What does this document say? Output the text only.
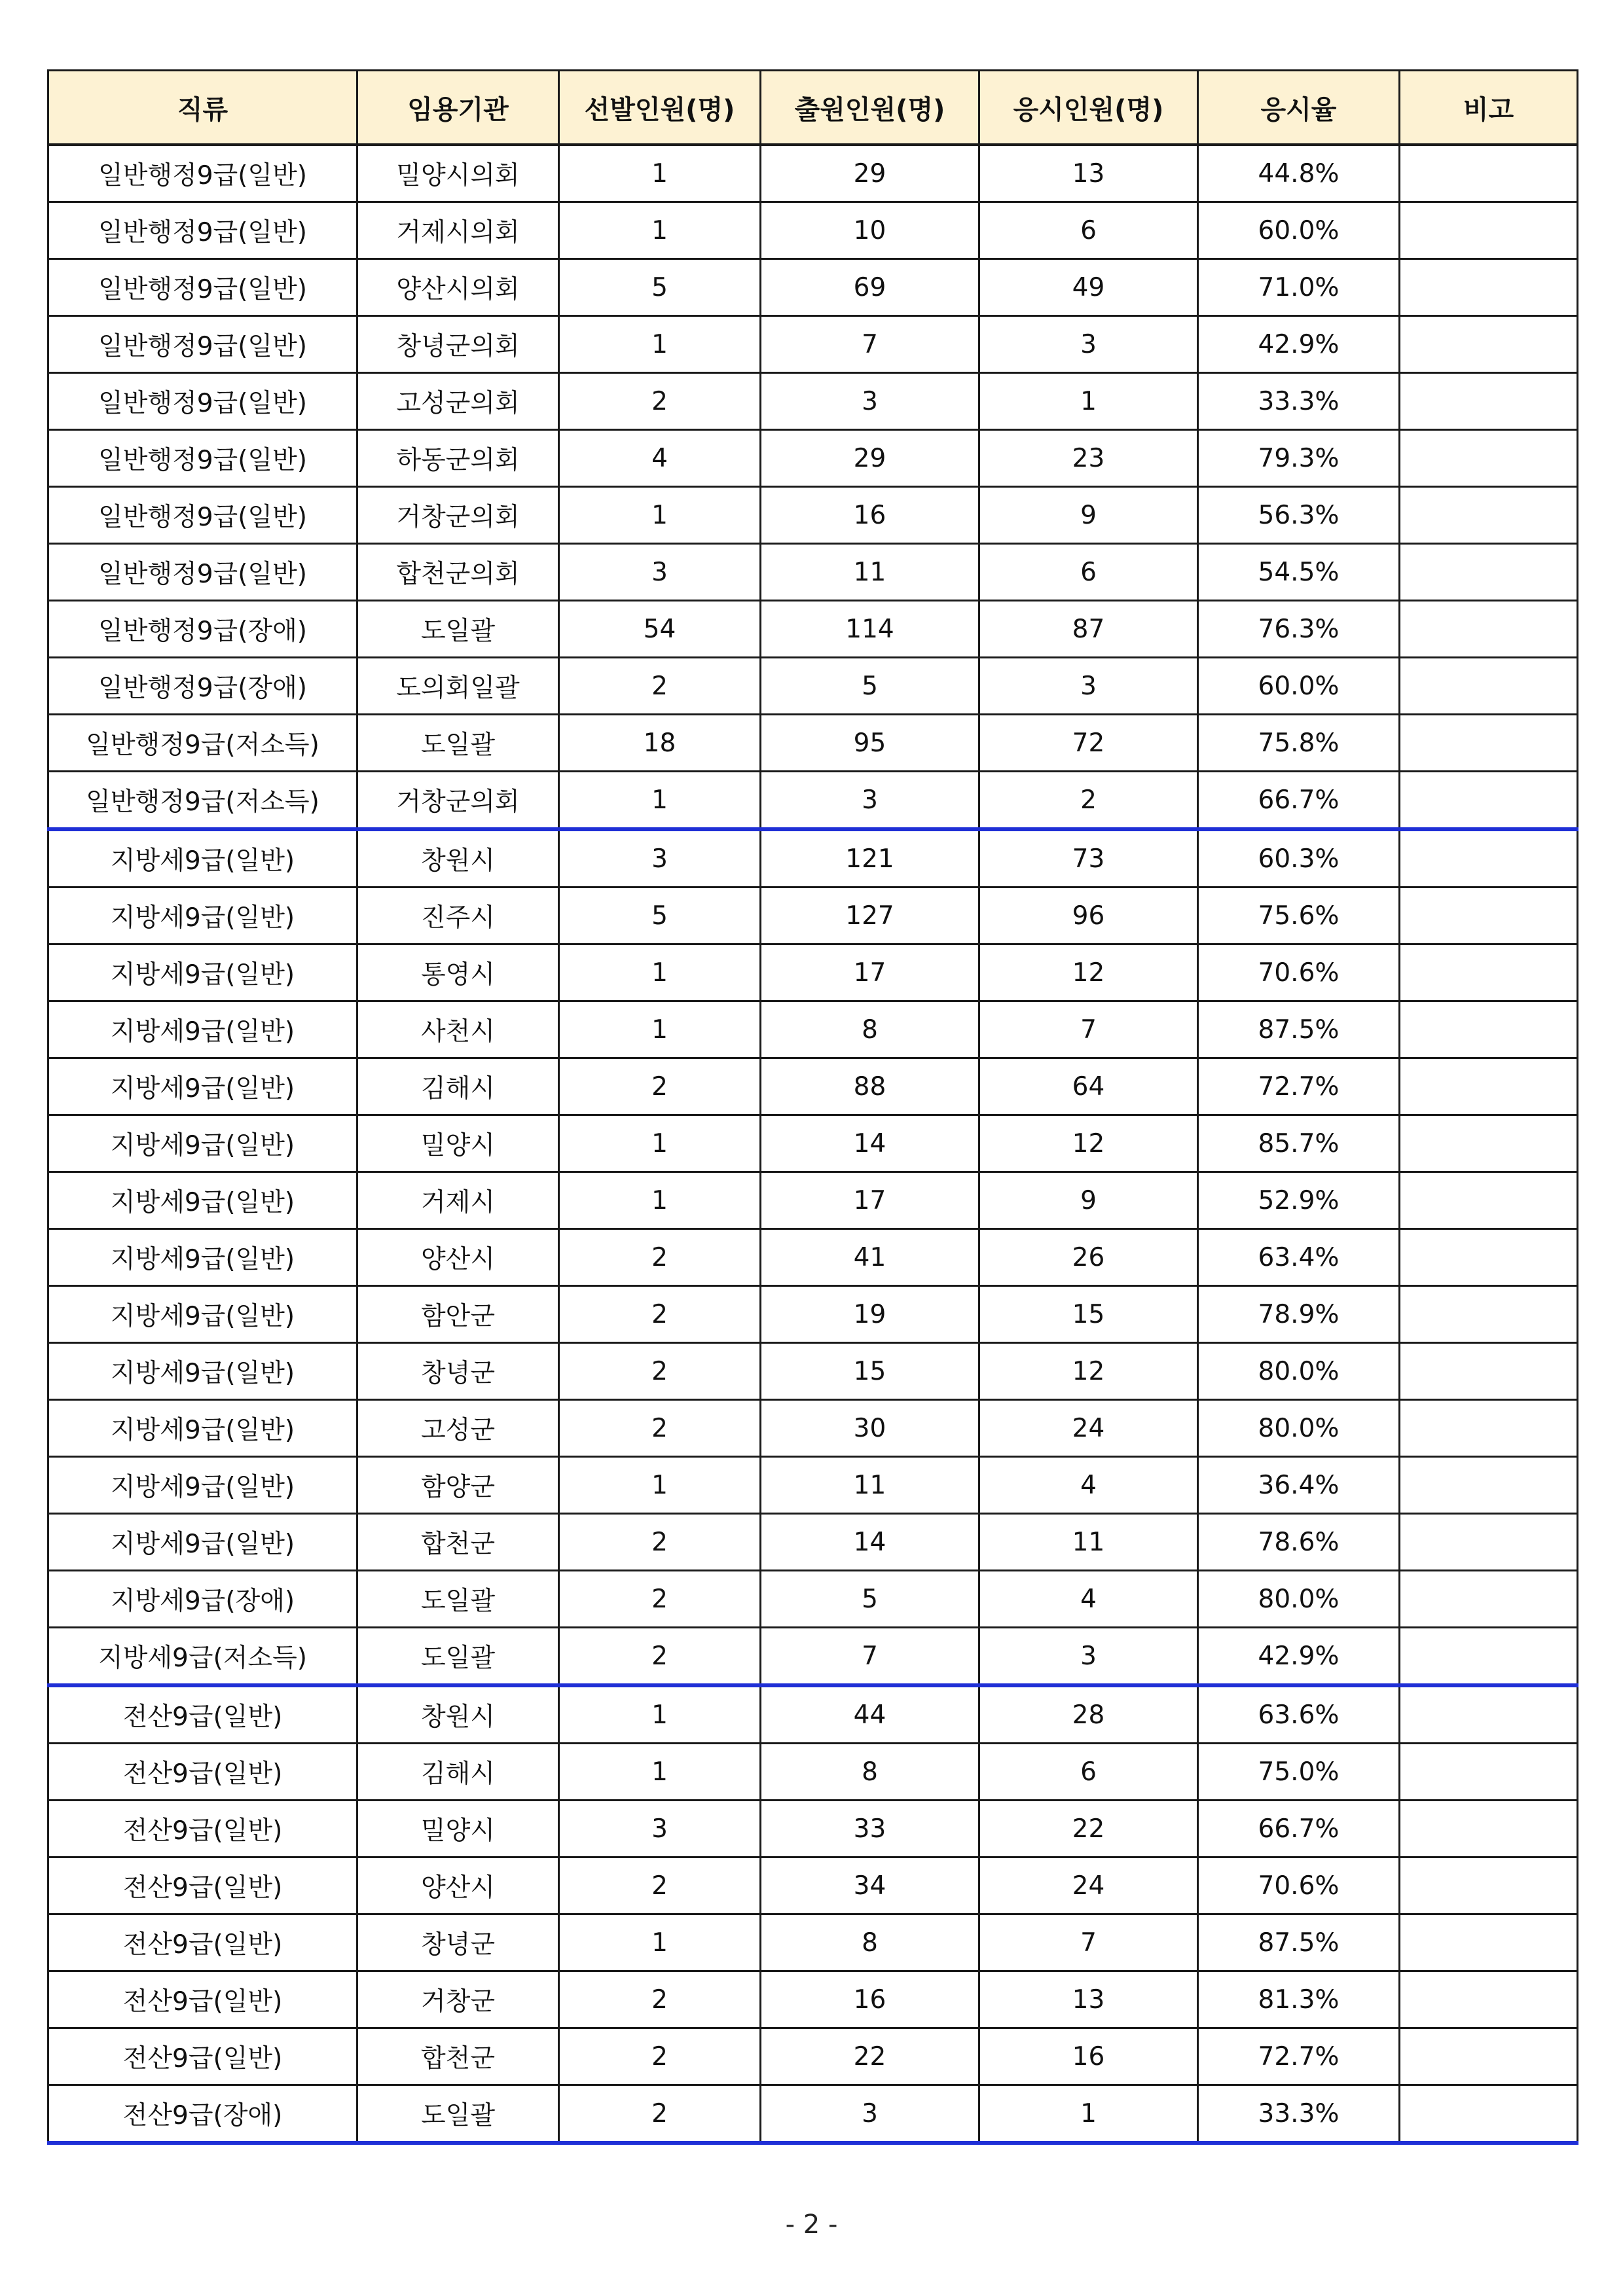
직류	임용기관	선발인원(명)	출원인원(명)	응시인원(명)	응시율	비고
일반행정9급(일반)	밀양시의회	1	29	13	44.8%	
일반행정9급(일반)	거제시의회	1	10	6	60.0%	
일반행정9급(일반)	양산시의회	5	69	49	71.0%	
일반행정9급(일반)	창녕군의회	1	7	3	42.9%	
일반행정9급(일반)	고성군의회	2	3	1	33.3%	
일반행정9급(일반)	하동군의회	4	29	23	79.3%	
일반행정9급(일반)	거창군의회	1	16	9	56.3%	
일반행정9급(일반)	합천군의회	3	11	6	54.5%	
일반행정9급(장애)	도일괄	54	114	87	76.3%	
일반행정9급(장애)	도의회일괄	2	5	3	60.0%	
일반행정9급(저소득)	도일괄	18	95	72	75.8%	
일반행정9급(저소득)	거창군의회	1	3	2	66.7%	
지방세9급(일반)	창원시	3	121	73	60.3%	
지방세9급(일반)	진주시	5	127	96	75.6%	
지방세9급(일반)	통영시	1	17	12	70.6%	
지방세9급(일반)	사천시	1	8	7	87.5%	
지방세9급(일반)	김해시	2	88	64	72.7%	
지방세9급(일반)	밀양시	1	14	12	85.7%	
지방세9급(일반)	거제시	1	17	9	52.9%	
지방세9급(일반)	양산시	2	41	26	63.4%	
지방세9급(일반)	함안군	2	19	15	78.9%	
지방세9급(일반)	창녕군	2	15	12	80.0%	
지방세9급(일반)	고성군	2	30	24	80.0%	
지방세9급(일반)	함양군	1	11	4	36.4%	
지방세9급(일반)	합천군	2	14	11	78.6%	
지방세9급(장애)	도일괄	2	5	4	80.0%	
지방세9급(저소득)	도일괄	2	7	3	42.9%	
전산9급(일반)	창원시	1	44	28	63.6%	
전산9급(일반)	김해시	1	8	6	75.0%	
전산9급(일반)	밀양시	3	33	22	66.7%	
전산9급(일반)	양산시	2	34	24	70.6%	
전산9급(일반)	창녕군	1	8	7	87.5%	
전산9급(일반)	거창군	2	16	13	81.3%	
전산9급(일반)	합천군	2	22	16	72.7%	
전산9급(장애)	도일괄	2	3	1	33.3%	
- 2 -
